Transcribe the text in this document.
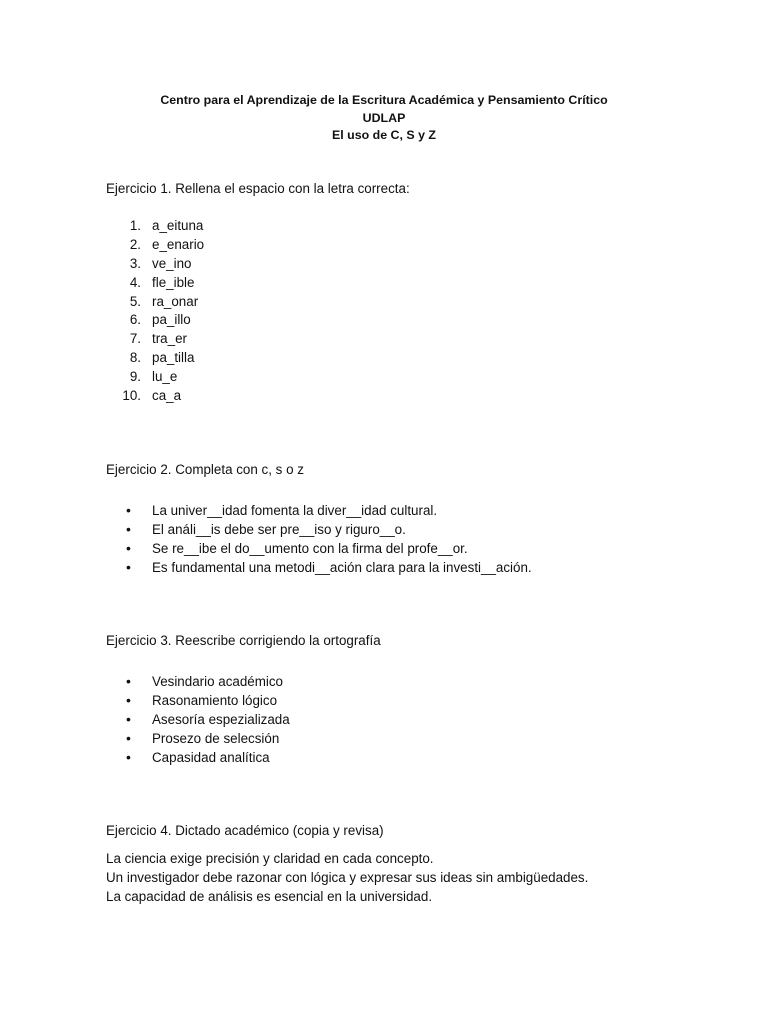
Centro para el Aprendizaje de la Escritura Académica y Pensamiento Crítico
UDLAP
El uso de C, S y Z
Ejercicio 1. Rellena el espacio con la letra correcta:
1. a_eituna
2. e_enario
3. ve_ino
4. fle_ible
5. ra_onar
6. pa_illo
7. tra_er
8. pa_tilla
9. lu_e
10. ca_a
Ejercicio 2. Completa con c, s o z
•
La univer__idad fomenta la diver__idad cultural.
•
El análi__is debe ser pre__iso y riguro__o.
•
Se re__ibe el do__umento con la firma del profe__or.
•
Es fundamental una metodi__ación clara para la investi__ación.
Ejercicio 3. Reescribe corrigiendo la ortografía
•
Vesindario académico
•
Rasonamiento lógico
•
Asesoría espezializada
•
Prosezo de selecsión
•
Capasidad analítica
Ejercicio 4. Dictado académico (copia y revisa)
La ciencia exige precisión y claridad en cada concepto.
Un investigador debe razonar con lógica y expresar sus ideas sin ambigüedades.
La capacidad de análisis es esencial en la universidad.
